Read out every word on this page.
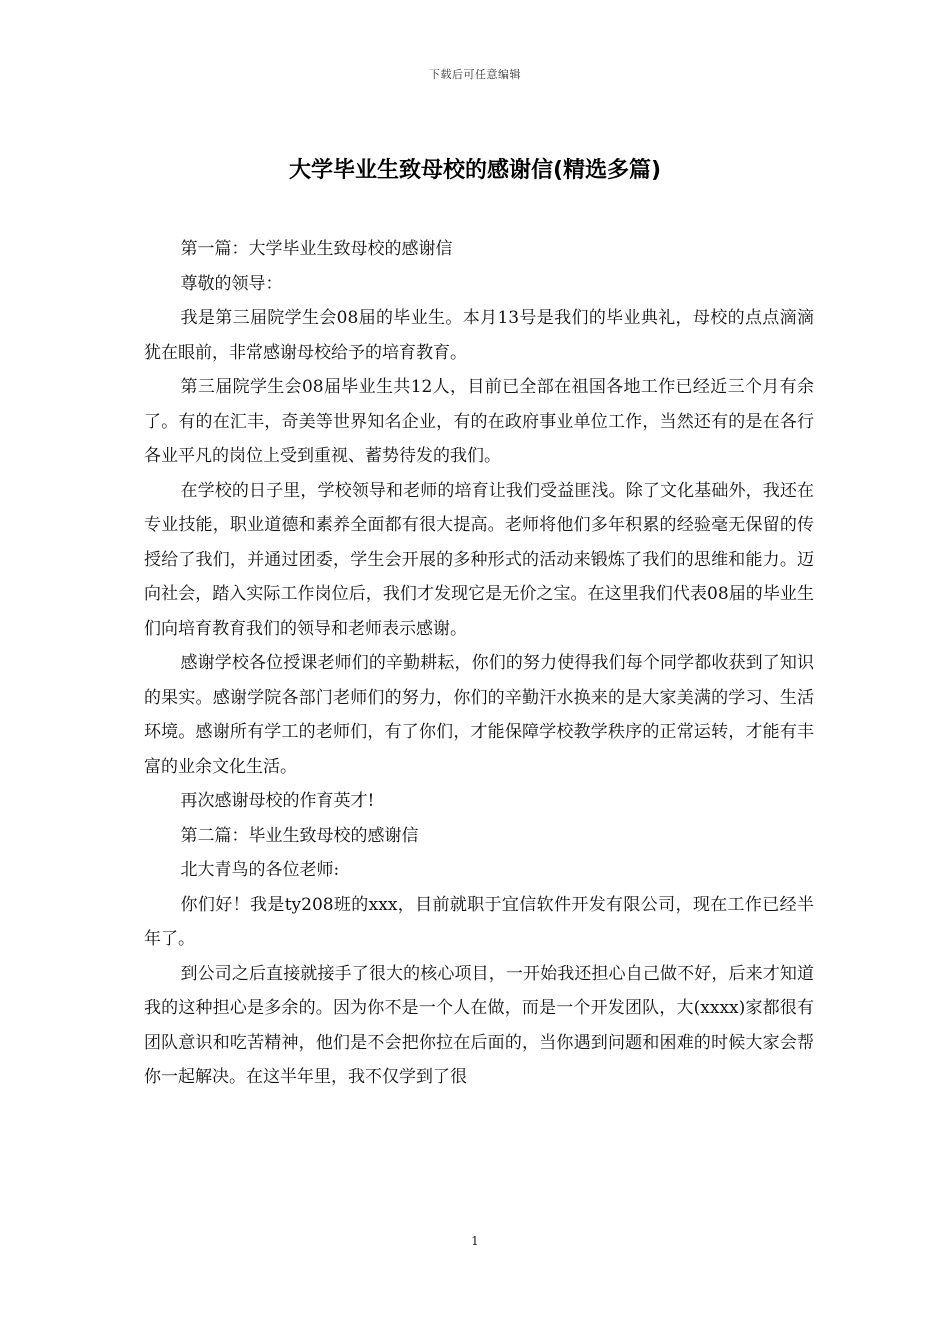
下载后可任意编辑
大学毕业生致母校的感谢信(精选多篇)

第一篇：大学毕业生致母校的感谢信

尊敬的领导：

我是第三届院学生会08届的毕业生。本月13号是我们的毕业典礼，母校的点点滴滴犹在眼前，非常感谢母校给予的培育教育。

第三届院学生会08届毕业生共12人，目前已全部在祖国各地工作已经近三个月有余了。有的在汇丰，奇美等世界知名企业，有的在政府事业单位工作，当然还有的是在各行各业平凡的岗位上受到重视、蓄势待发的我们。

在学校的日子里，学校领导和老师的培育让我们受益匪浅。除了文化基础外，我还在专业技能，职业道德和素养全面都有很大提高。老师将他们多年积累的经验毫无保留的传授给了我们，并通过团委，学生会开展的多种形式的活动来锻炼了我们的思维和能力。迈向社会，踏入实际工作岗位后，我们才发现它是无价之宝。在这里我们代表08届的毕业生们向培育教育我们的领导和老师表示感谢。

感谢学校各位授课老师们的辛勤耕耘，你们的努力使得我们每个同学都收获到了知识的果实。感谢学院各部门老师们的努力，你们的辛勤汗水换来的是大家美满的学习、生活环境。感谢所有学工的老师们，有了你们，才能保障学校教学秩序的正常运转，才能有丰富的业余文化生活。

再次感谢母校的作育英才!

第二篇：毕业生致母校的感谢信

北大青鸟的各位老师:

你们好！我是ty208班的xxx，目前就职于宜信软件开发有限公司，现在工作已经半年了。

到公司之后直接就接手了很大的核心项目，一开始我还担心自己做不好，后来才知道我的这种担心是多余的。因为你不是一个人在做，而是一个开发团队，大(xxxx)家都很有团队意识和吃苦精神，他们是不会把你拉在后面的，当你遇到问题和困难的时候大家会帮你一起解决。在这半年里，我不仅学到了很

1
